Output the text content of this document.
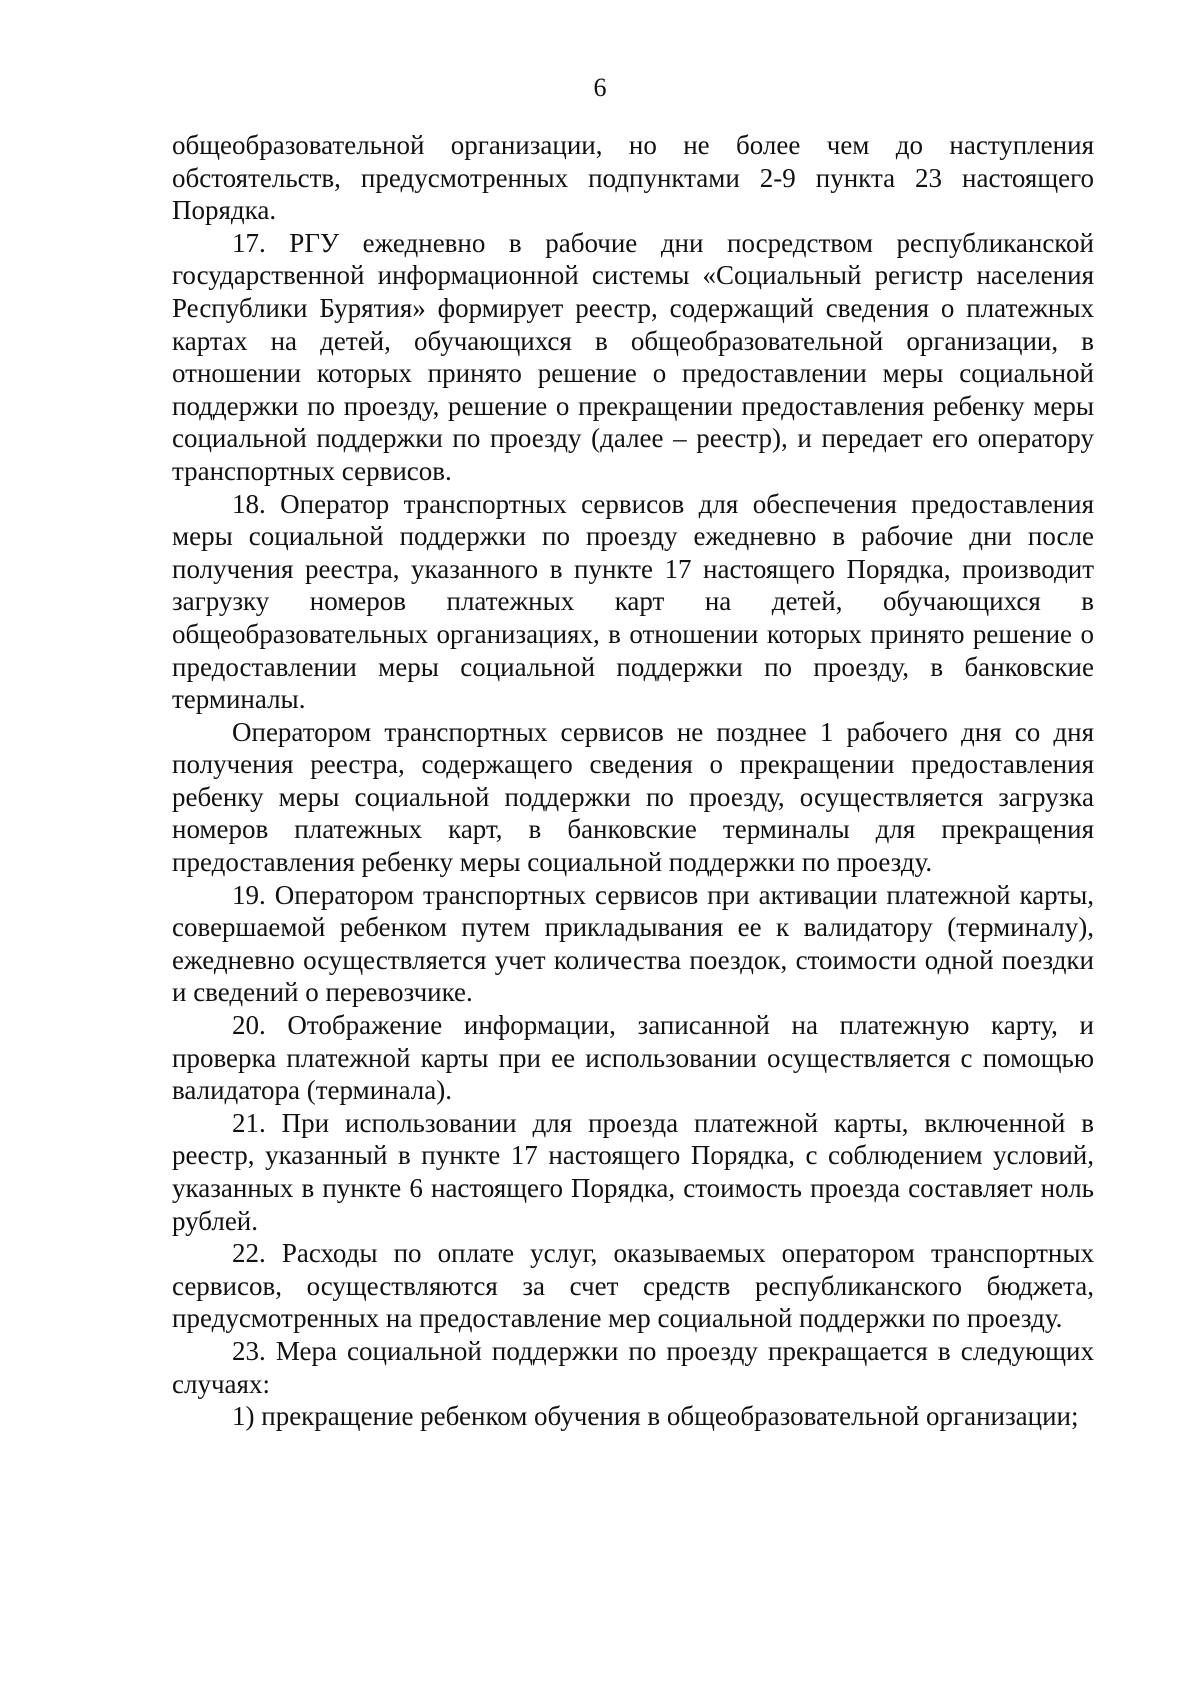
6

общеобразовательной организации, но не более чем до наступления обстоятельств, предусмотренных подпунктами 2-9 пункта 23 настоящего Порядка.

17. РГУ ежедневно в рабочие дни посредством республиканской государственной информационной системы «Социальный регистр населения Республики Бурятия» формирует реестр, содержащий сведения о платежных картах на детей, обучающихся в общеобразовательной организации, в отношении которых принято решение о предоставлении меры социальной поддержки по проезду, решение о прекращении предоставления ребенку меры социальной поддержки по проезду (далее – реестр), и передает его оператору транспортных сервисов.

18. Оператор транспортных сервисов для обеспечения предоставления меры социальной поддержки по проезду ежедневно в рабочие дни после получения реестра, указанного в пункте 17 настоящего Порядка, производит загрузку номеров платежных карт на детей, обучающихся в общеобразовательных организациях, в отношении которых принято решение о предоставлении меры социальной поддержки по проезду, в банковские терминалы.

Оператором транспортных сервисов не позднее 1 рабочего дня со дня получения реестра, содержащего сведения о прекращении предоставления ребенку меры социальной поддержки по проезду, осуществляется загрузка номеров платежных карт, в банковские терминалы для прекращения предоставления ребенку меры социальной поддержки по проезду.

19. Оператором транспортных сервисов при активации платежной карты, совершаемой ребенком путем прикладывания ее к валидатору (терминалу), ежедневно осуществляется учет количества поездок, стоимости одной поездки и сведений о перевозчике.

20. Отображение информации, записанной на платежную карту, и проверка платежной карты при ее использовании осуществляется с помощью валидатора (терминала).

21. При использовании для проезда платежной карты, включенной в реестр, указанный в пункте 17 настоящего Порядка, с соблюдением условий, указанных в пункте 6 настоящего Порядка, стоимость проезда составляет ноль рублей.

22. Расходы по оплате услуг, оказываемых оператором транспортных сервисов, осуществляются за счет средств республиканского бюджета, предусмотренных на предоставление мер социальной поддержки по проезду.

23. Мера социальной поддержки по проезду прекращается в следующих случаях:

1) прекращение ребенком обучения в общеобразовательной организации;
